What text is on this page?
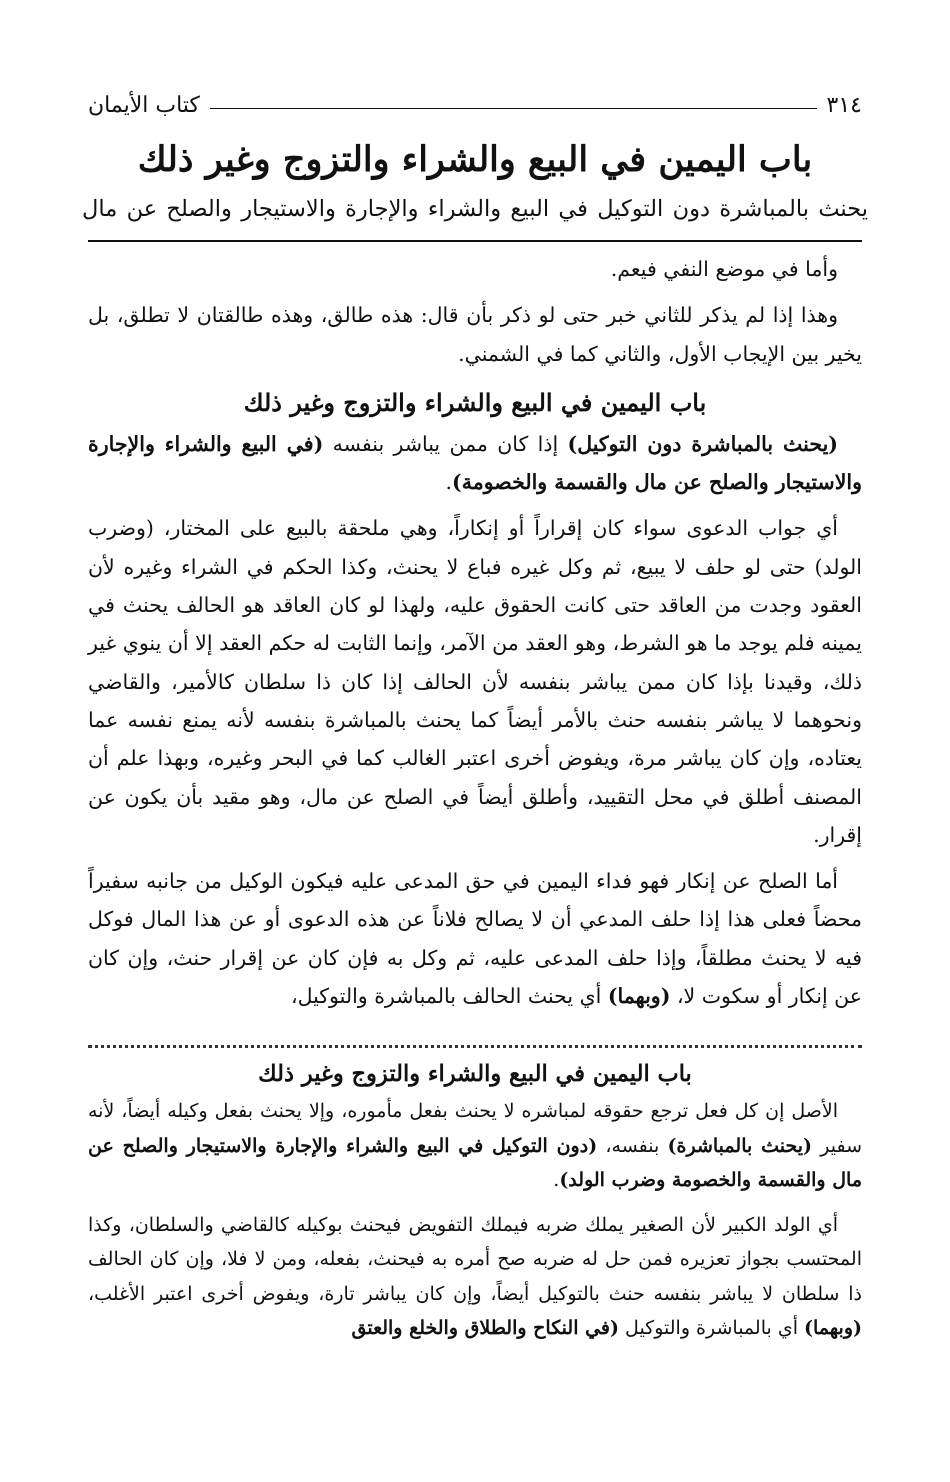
٣١٤
كتاب الأيمان
باب اليمين في البيع والشراء والتزوج وغير ذلك
يحنث بالمباشرة دون التوكيل في البيع والشراء والإجارة والاستيجار والصلح عن مال

وأما في موضع النفي فيعم.

وهذا إذا لم يذكر للثاني خبر حتى لو ذكر بأن قال: هذه طالق، وهذه طالقتان لا تطلق، بل يخير بين الإيجاب الأول، والثاني كما في الشمني.

باب اليمين في البيع والشراء والتزوج وغير ذلك

(يحنث بالمباشرة دون التوكيل) إذا كان ممن يباشر بنفسه (في البيع والشراء والإجارة والاستيجار والصلح عن مال والقسمة والخصومة).

أي جواب الدعوى سواء كان إقراراً أو إنكاراً، وهي ملحقة بالبيع على المختار، (وضرب الولد) حتى لو حلف لا يبيع، ثم وكل غيره فباع لا يحنث، وكذا الحكم في الشراء وغيره لأن العقود وجدت من العاقد حتى كانت الحقوق عليه، ولهذا لو كان العاقد هو الحالف يحنث في يمينه فلم يوجد ما هو الشرط، وهو العقد من الآمر، وإنما الثابت له حكم العقد إلا أن ينوي غير ذلك، وقيدنا بإذا كان ممن يباشر بنفسه لأن الحالف إذا كان ذا سلطان كالأمير، والقاضي ونحوهما لا يباشر بنفسه حنث بالأمر أيضاً كما يحنث بالمباشرة بنفسه لأنه يمنع نفسه عما يعتاده، وإن كان يباشر مرة، ويفوض أخرى اعتبر الغالب كما في البحر وغيره، وبهذا علم أن المصنف أطلق في محل التقييد، وأطلق أيضاً في الصلح عن مال، وهو مقيد بأن يكون عن إقرار.

أما الصلح عن إنكار فهو فداء اليمين في حق المدعى عليه فيكون الوكيل من جانبه سفيراً محضاً فعلى هذا إذا حلف المدعي أن لا يصالح فلاناً عن هذه الدعوى أو عن هذا المال فوكل فيه لا يحنث مطلقاً، وإذا حلف المدعى عليه، ثم وكل به فإن كان عن إقرار حنث، وإن كان عن إنكار أو سكوت لا، (وبهما) أي يحنث الحالف بالمباشرة والتوكيل،

باب اليمين في البيع والشراء والتزوج وغير ذلك

الأصل إن كل فعل ترجع حقوقه لمباشره لا يحنث بفعل مأموره، وإلا يحنث بفعل وكيله أيضاً، لأنه سفير (يحنث بالمباشرة) بنفسه، (دون التوكيل في البيع والشراء والإجارة والاستيجار والصلح عن مال والقسمة والخصومة وضرب الولد).

أي الولد الكبير لأن الصغير يملك ضربه فيملك التفويض فيحنث بوكيله كالقاضي والسلطان، وكذا المحتسب بجواز تعزيره فمن حل له ضربه صح أمره به فيحنث، بفعله، ومن لا فلا، وإن كان الحالف ذا سلطان لا يباشر بنفسه حنث بالتوكيل أيضاً، وإن كان يباشر تارة، ويفوض أخرى اعتبر الأغلب، (وبهما) أي بالمباشرة والتوكيل (في النكاح والطلاق والخلع والعتق
